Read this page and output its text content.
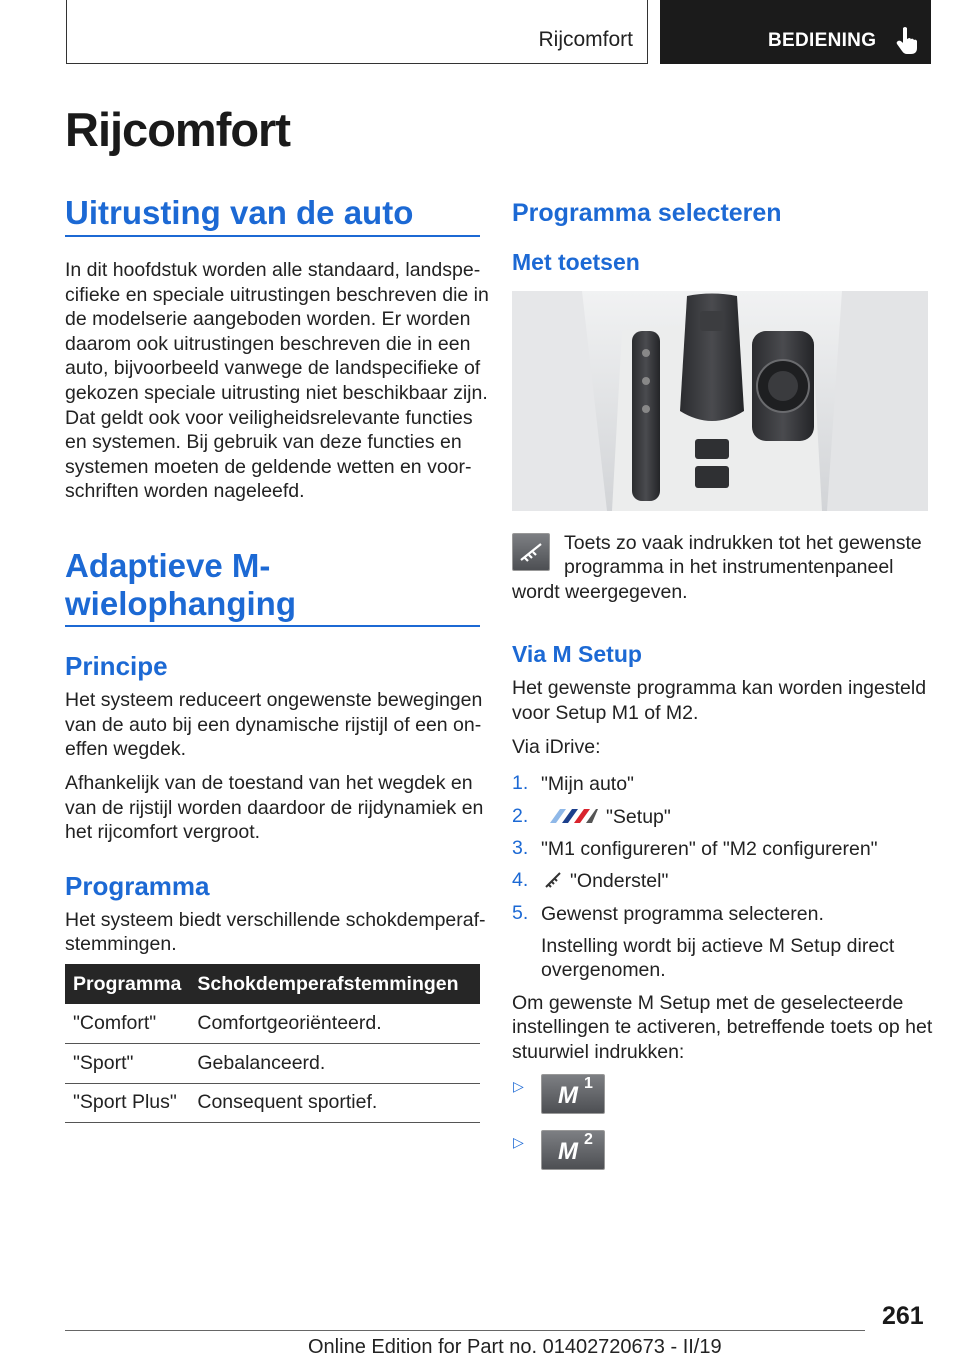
Rijcomfort	BEDIENING
Rijcomfort
Uitrusting van de auto
In dit hoofdstuk worden alle standaard, landspe-
cifieke en speciale uitrustingen beschreven die in
de modelserie aangeboden worden. Er worden
daarom ook uitrustingen beschreven die in een
auto, bijvoorbeeld vanwege de landspecifieke of
gekozen speciale uitrusting niet beschikbaar zijn.
Dat geldt ook voor veiligheidsrelevante functies
en systemen. Bij gebruik van deze functies en
systemen moeten de geldende wetten en voor-
schriften worden nageleefd.
Adaptieve M-
wielophanging
Principe
Het systeem reduceert ongewenste bewegingen
van de auto bij een dynamische rijstijl of een on-
effen wegdek.
Afhankelijk van de toestand van het wegdek en
van de rijstijl worden daardoor de rijdynamiek en
het rijcomfort vergroot.
Programma
Het systeem biedt verschillende schokdemperaf-
stemmingen.
Programma	Schokdemperafstemmingen
"Comfort"	Comfortgeoriënteerd.
"Sport"	Gebalanceerd.
"Sport Plus"	Consequent sportief.
Programma selecteren
Met toetsen
Toets zo vaak indrukken tot het gewenste
programma in het instrumentenpaneel
wordt weergegeven.
Via M Setup
Het gewenste programma kan worden ingesteld
voor Setup M1 of M2.
Via iDrive:
1. "Mijn auto"
2.	"Setup"
3. "M1 configureren" of "M2 configureren"
4. "Onderstel"
5. Gewenst programma selecteren.
Instelling wordt bij actieve M Setup direct
overgenomen.
Om gewenste M Setup met de geselecteerde
instellingen te activeren, betreffende toets op het
stuurwiel indrukken:
▷ M 1
▷ M 2
261
Online Edition for Part no. 01402720673 - II/19
